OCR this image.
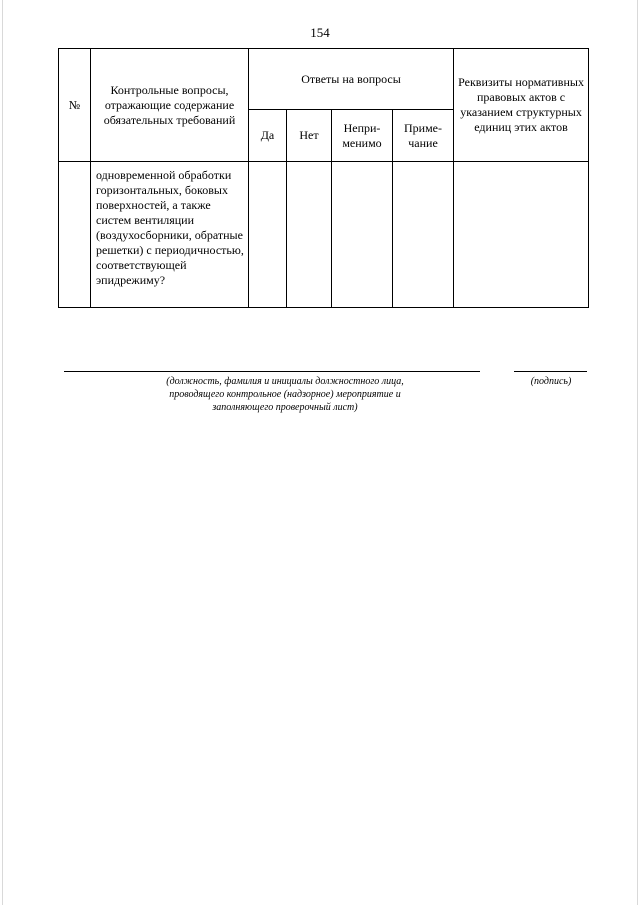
154
№	Контрольные вопросы, отражающие содержание обязательных требований	Ответы на вопросы				Реквизиты нормативных правовых актов с указанием структурных единиц этих актов
		Да	Нет	Непри-менимо	Приме-чание	
	одновременной обработки горизонтальных, боковых поверхностей, а также систем вентиляции (воздухосборники, обратные решетки) с периодичностью, соответствующей эпидрежиму?					
(должность, фамилия и инициалы должностного лица, проводящего контрольное (надзорное) мероприятие и заполняющего проверочный лист)
(подпись)
